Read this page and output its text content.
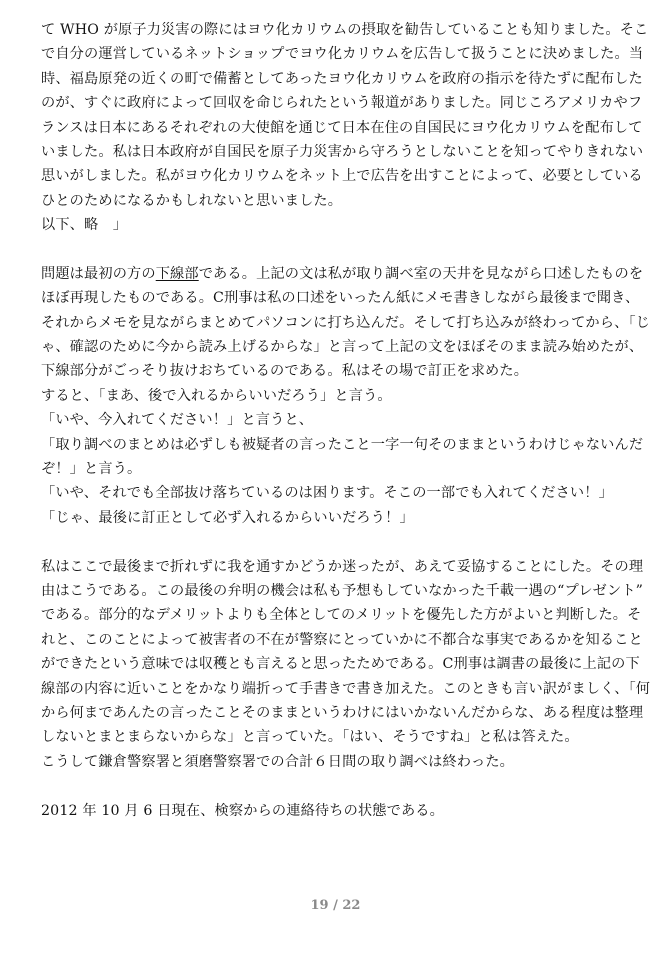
て WHO が原子力災害の際にはヨウ化カリウムの摂取を勧告していることも知りました。そこ
で自分の運営しているネットショップでヨウ化カリウムを広告して扱うことに決めました。当
時、福島原発の近くの町で備蓄としてあったヨウ化カリウムを政府の指示を待たずに配布した
のが、すぐに政府によって回収を命じられたという報道がありました。同じころアメリカやフ
ランスは日本にあるそれぞれの大使館を通じて日本在住の自国民にヨウ化カリウムを配布して
いました。私は日本政府が自国民を原子力災害から守ろうとしないことを知ってやりきれない
思いがしました。私がヨウ化カリウムをネット上で広告を出すことによって、必要としている
ひとのためになるかもしれないと思いました。
以下、略　」
問題は最初の方の下線部である。上記の文は私が取り調べ室の天井を見ながら口述したものを
ほぼ再現したものである。C刑事は私の口述をいったん紙にメモ書きしながら最後まで聞き、
それからメモを見ながらまとめてパソコンに打ち込んだ。そして打ち込みが終わってから、「じ
ゃ、確認のために今から読み上げるからな」と言って上記の文をほぼそのまま読み始めたが、
下線部分がごっそり抜けおちているのである。私はその場で訂正を求めた。
すると、「まあ、後で入れるからいいだろう」と言う。
「いや、今入れてください！」と言うと、
「取り調べのまとめは必ずしも被疑者の言ったこと一字一句そのままというわけじゃないんだ
ぞ！」と言う。
「いや、それでも全部抜け落ちているのは困ります。そこの一部でも入れてください！」
「じゃ、最後に訂正として必ず入れるからいいだろう！」
私はここで最後まで折れずに我を通すかどうか迷ったが、あえて妥協することにした。その理
由はこうである。この最後の弁明の機会は私も予想もしていなかった千載一遇の“プレゼント”
である。部分的なデメリットよりも全体としてのメリットを優先した方がよいと判断した。そ
れと、このことによって被害者の不在が警察にとっていかに不都合な事実であるかを知ること
ができたという意味では収穫とも言えると思ったためである。C刑事は調書の最後に上記の下
線部の内容に近いことをかなり端折って手書きで書き加えた。このときも言い訳がましく、「何
から何まであんたの言ったことそのままというわけにはいかないんだからな、ある程度は整理
しないとまとまらないからな」と言っていた。「はい、そうですね」と私は答えた。
こうして鎌倉警察署と須磨警察署での合計６日間の取り調べは終わった。
2012 年 10 月 6 日現在、検察からの連絡待ちの状態である。
19 / 22
